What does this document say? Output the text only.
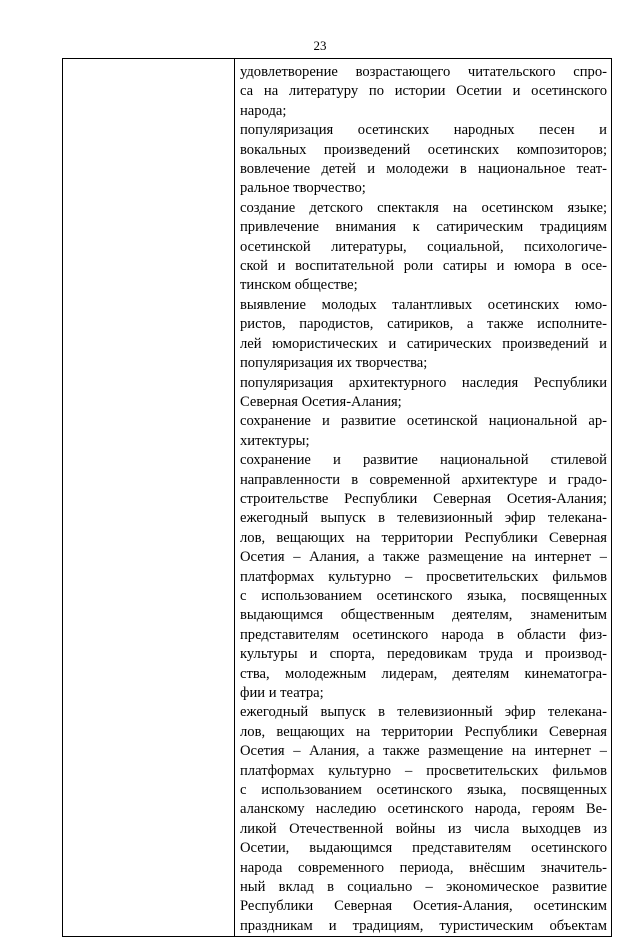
23

удовлетворение возрастающего читательского спро-
са на литературу по истории Осетии и осетинского
народа;
популяризация осетинских народных песен и
вокальных произведений осетинских композиторов;
вовлечение детей и молодежи в национальное теат-
ральное творчество;
создание детского спектакля на осетинском языке;
привлечение внимания к сатирическим традициям
осетинской литературы, социальной, психологиче-
ской и воспитательной роли сатиры и юмора в осе-
тинском обществе;
выявление молодых талантливых осетинских юмо-
ристов, пародистов, сатириков, а также исполните-
лей юмористических и сатирических произведений и
популяризация их творчества;
популяризация архитектурного наследия Республики
Северная Осетия-Алания;
сохранение и развитие осетинской национальной ар-
хитектуры;
сохранение и развитие национальной стилевой
направленности в современной архитектуре и градо-
строительстве Республики Северная Осетия-Алания;
ежегодный выпуск в телевизионный эфир телекана-
лов, вещающих на территории Республики Северная
Осетия – Алания, а также размещение на интернет –
платформах культурно – просветительских фильмов
с использованием осетинского языка, посвященных
выдающимся общественным деятелям, знаменитым
представителям осетинского народа в области физ-
культуры и спорта, передовикам труда и производ-
ства, молодежным лидерам, деятелям кинематогра-
фии и театра;
ежегодный выпуск в телевизионный эфир телекана-
лов, вещающих на территории Республики Северная
Осетия – Алания, а также размещение на интернет –
платформах культурно – просветительских фильмов
с использованием осетинского языка, посвященных
аланскому наследию осетинского народа, героям Ве-
ликой Отечественной войны из числа выходцев из
Осетии, выдающимся представителям осетинского
народа современного периода, внёсшим значитель-
ный вклад в социально – экономическое развитие
Республики Северная Осетия-Алания, осетинским
праздникам и традициям, туристическим объектам
